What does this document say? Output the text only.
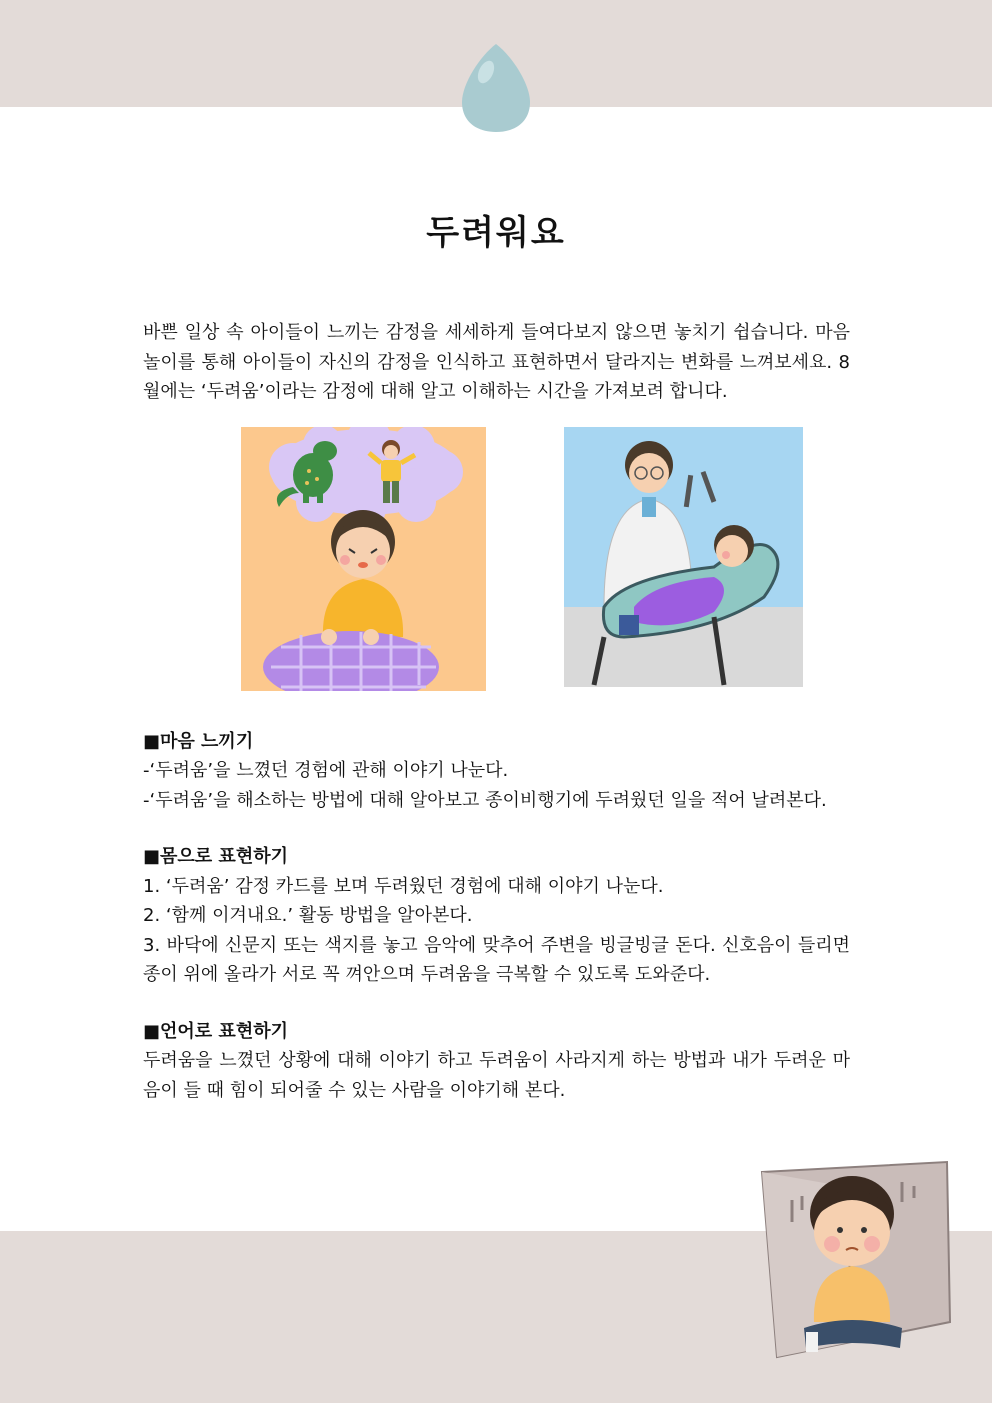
두려워요

바쁜 일상 속 아이들이 느끼는 감정을 세세하게 들여다보지 않으면 놓치기 쉽습니다. 마음 놀이를 통해 아이들이 자신의 감정을 인식하고 표현하면서 달라지는 변화를 느껴보세요. 8월에는 ‘두려움’이라는 감정에 대해 알고 이해하는 시간을 가져보려 합니다.

■마음 느끼기

-‘두려움’을 느꼈던 경험에 관해 이야기 나눈다.

-‘두려움’을 해소하는 방법에 대해 알아보고 종이비행기에 두려웠던 일을 적어 날려본다.

■몸으로 표현하기

1. ‘두려움’ 감정 카드를 보며 두려웠던 경험에 대해 이야기 나눈다.

2. ‘함께 이겨내요.’ 활동 방법을 알아본다.

3. 바닥에 신문지 또는 색지를 놓고 음악에 맞추어 주변을 빙글빙글 돈다. 신호음이 들리면 종이 위에 올라가 서로 꼭 껴안으며 두려움을 극복할 수 있도록 도와준다.

■언어로 표현하기

두려움을 느꼈던 상황에 대해 이야기 하고 두려움이 사라지게 하는 방법과 내가 두려운 마음이 들 때 힘이 되어줄 수 있는 사람을 이야기해 본다.
